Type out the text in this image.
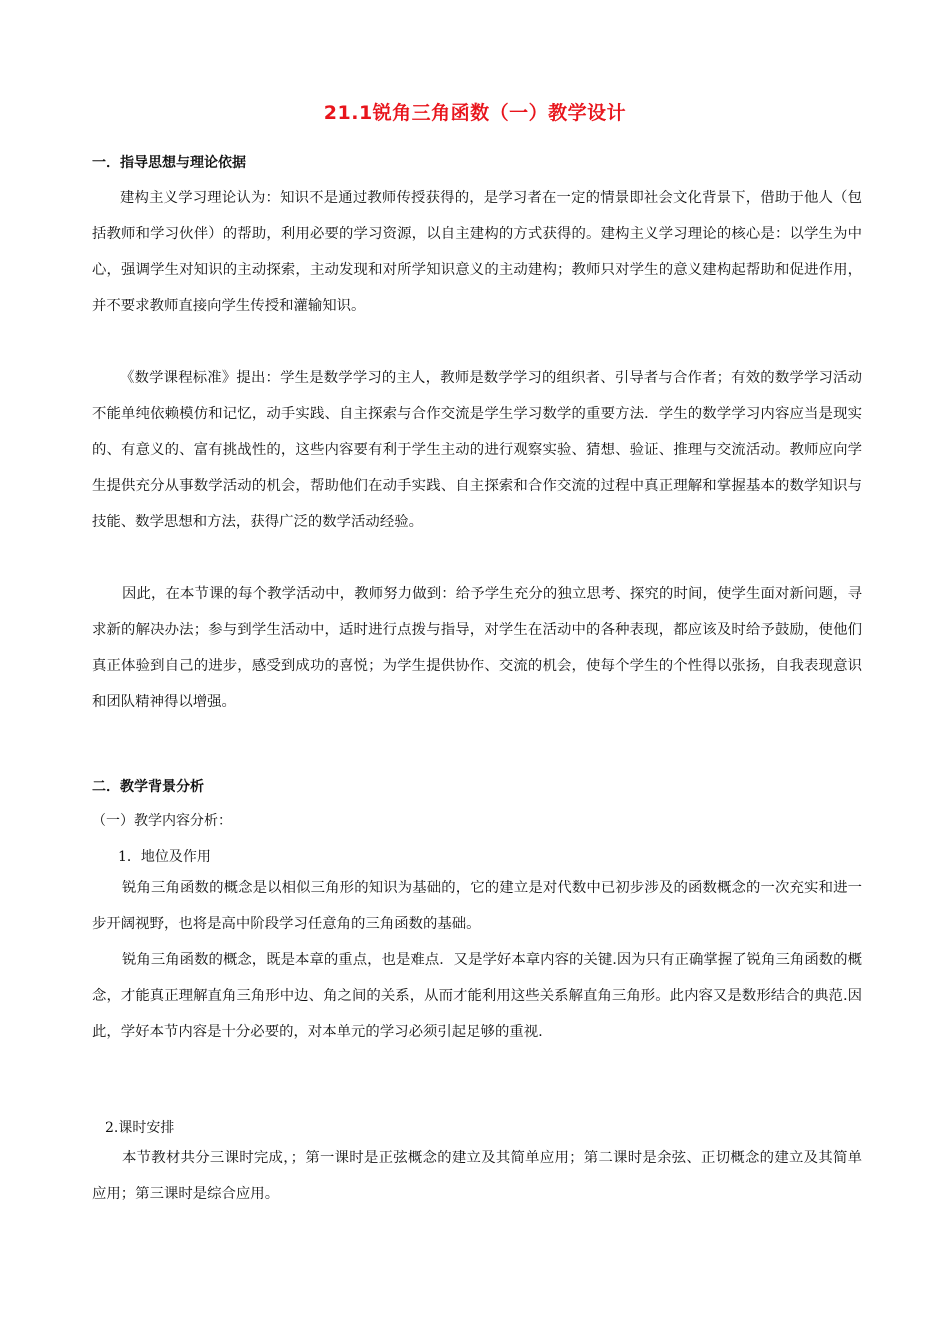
21.1锐角三角函数（一）教学设计
一．指导思想与理论依据
建构主义学习理论认为：知识不是通过教师传授获得的，是学习者在一定的情景即社会文化背景下，借助于他人（包括教师和学习伙伴）的帮助，利用必要的学习资源，以自主建构的方式获得的。建构主义学习理论的核心是：以学生为中心，强调学生对知识的主动探索，主动发现和对所学知识意义的主动建构；教师只对学生的意义建构起帮助和促进作用，并不要求教师直接向学生传授和灌输知识。
《数学课程标准》提出：学生是数学学习的主人，教师是数学学习的组织者、引导者与合作者；有效的数学学习活动不能单纯依赖模仿和记忆，动手实践、自主探索与合作交流是学生学习数学的重要方法．学生的数学学习内容应当是现实的、有意义的、富有挑战性的，这些内容要有利于学生主动的进行观察实验、猜想、验证、推理与交流活动。教师应向学生提供充分从事数学活动的机会，帮助他们在动手实践、自主探索和合作交流的过程中真正理解和掌握基本的数学知识与技能、数学思想和方法，获得广泛的数学活动经验。
因此，在本节课的每个教学活动中，教师努力做到：给予学生充分的独立思考、探究的时间，使学生面对新问题，寻求新的解决办法；参与到学生活动中，适时进行点拨与指导，对学生在活动中的各种表现，都应该及时给予鼓励，使他们真正体验到自己的进步，感受到成功的喜悦；为学生提供协作、交流的机会，使每个学生的个性得以张扬，自我表现意识和团队精神得以增强。
二．教学背景分析
（一）教学内容分析：
1．地位及作用
锐角三角函数的概念是以相似三角形的知识为基础的，它的建立是对代数中已初步涉及的函数概念的一次充实和进一步开阔视野，也将是高中阶段学习任意角的三角函数的基础。
锐角三角函数的概念，既是本章的重点，也是难点．又是学好本章内容的关键.因为只有正确掌握了锐角三角函数的概念，才能真正理解直角三角形中边、角之间的关系，从而才能利用这些关系解直角三角形。此内容又是数形结合的典范.因此，学好本节内容是十分必要的，对本单元的学习必须引起足够的重视.
2.课时安排
本节教材共分三课时完成，；第一课时是正弦概念的建立及其简单应用；第二课时是余弦、正切概念的建立及其简单应用；第三课时是综合应用。
